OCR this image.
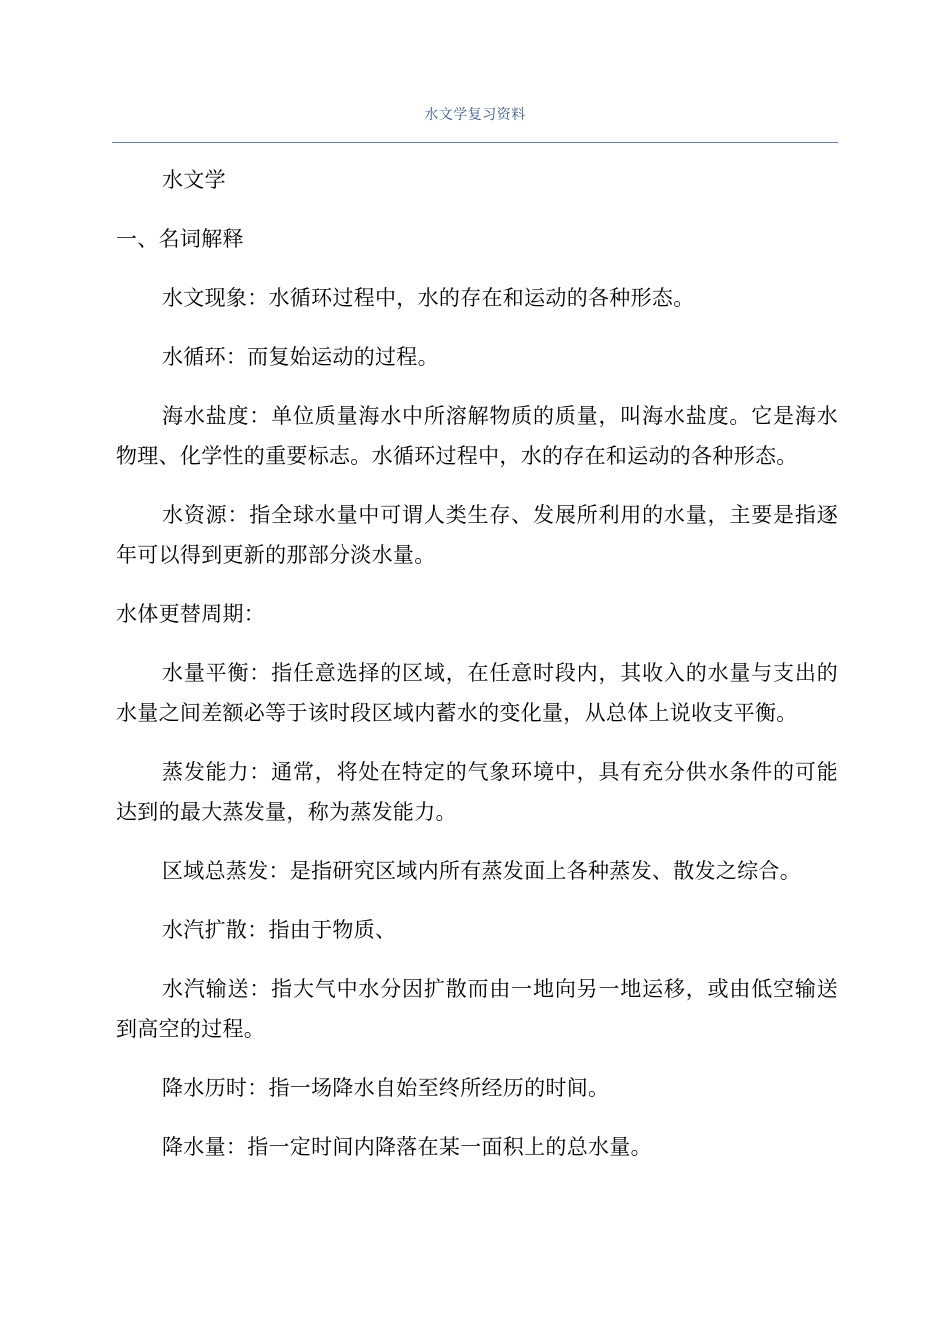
水文学复习资料

水文学

一、名词解释

水文现象：水循环过程中，水的存在和运动的各种形态。

水循环：而复始运动的过程。

海水盐度：单位质量海水中所溶解物质的质量，叫海水盐度。它是海水物理、化学性的重要标志。水循环过程中，水的存在和运动的各种形态。

水资源：指全球水量中可谓人类生存、发展所利用的水量，主要是指逐年可以得到更新的那部分淡水量。

水体更替周期：

水量平衡：指任意选择的区域，在任意时段内，其收入的水量与支出的水量之间差额必等于该时段区域内蓄水的变化量，从总体上说收支平衡。

蒸发能力：通常，将处在特定的气象环境中，具有充分供水条件的可能达到的最大蒸发量，称为蒸发能力。

区域总蒸发：是指研究区域内所有蒸发面上各种蒸发、散发之综合。

水汽扩散：指由于物质、

水汽输送：指大气中水分因扩散而由一地向另一地运移，或由低空输送到高空的过程。

降水历时：指一场降水自始至终所经历的时间。

降水量：指一定时间内降落在某一面积上的总水量。
